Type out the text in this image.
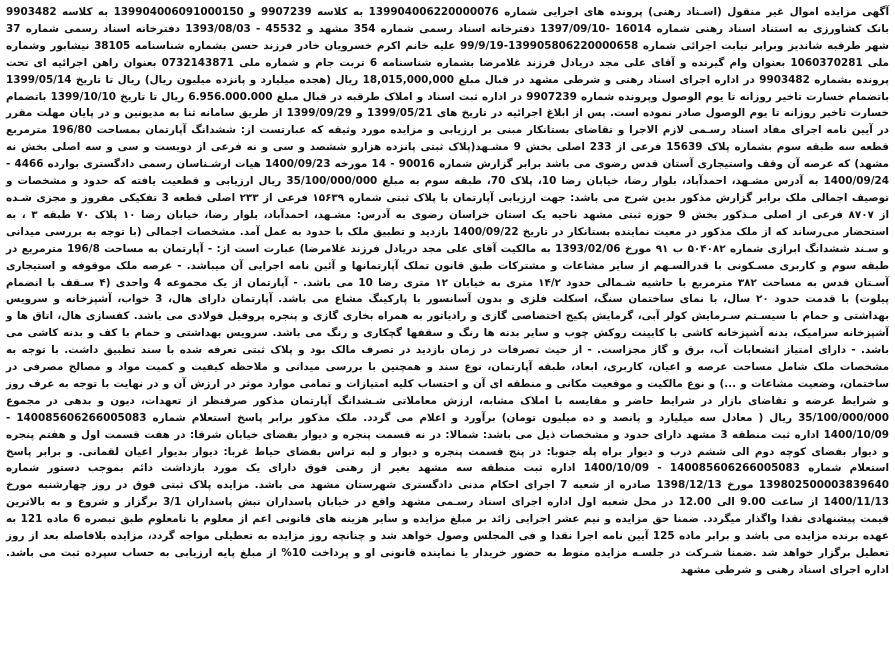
آگهی مزایده اموال غیر منقول (اسـناد رهنی) پرونده های اجرایی شماره 139904006220000076 به کلاسه 9907239 و 139904006091000150 به کلاسه 9903482 بانک کشاورزی به استناد اسناد رهنی شماره 16014 -1397/09/10 دفترخانه اسناد رسمی شماره 354 مشهد و 45532 - 1393/08/03 دفترخانه اسناد رسمی شماره 37 شهر طرقبه شاندیز وبرابر نیابت اجرائی شماره 139905806220000658-99/9/19 علیه خانم اکرم خسرویان خادر فرزند حسن بشماره شناسنامه 38105 نیشابور وشماره ملی 1060370281 بعنوان وام گیرنده و آقای علی مجد دریادل فرزند غلامرضا بشماره شناسنامه 6 تربت جام و شماره ملی 0732143871 بعنوان راهن اجرائیه ای تحت پرونده بشماره 9903482 در اداره اجرای اسناد رهنی و شرطی مشهد در قبال مبلغ 18,015,000,000 ریال (هجده میلیارد و پانزده میلیون ریال) ریال تا تاریخ 1399/05/14 باتضمام خسارت تاخیر روزانه تا یوم الوصول وپرونده شماره 9907239 در اداره ثبت اسناد و املاک طرقبه در قبال مبلغ 6.956.000.000 ریال تا تاریخ 1399/10/10 باتضمام خسارت تاخیر روزانه تا یوم الوصول صادر نموده است. پس از ابلاغ اجرائیه در تاریخ های 1399/05/21 و 1399/09/29 از طریق سامانه ثنا به مدیونین و در پایان مهلت مقرر در آیین نامه اجرای مفاد اسناد رسـمی لازم الاجرا و تقاضای بستانکار مبنی بر ارزیابی و مزایده مورد وثیقه که عبارتست از: ششدانگ آپارتمان بمساحت 196/80 مترمربع قطعه سه طبقه سوم بشماره پلاک 15639 فرعی از 233 اصلی بخش 9 مشـهد(پلاک ثبتی پانزده هزارو ششصد و سی و نه فرعی از دویست و سی و سه اصلی بخش نه مشهد) که عرصه آن وقف واستیجاری آستان قدس رضوی می باشد برابر گزارش شماره 90016 - 14 مورخه 1400/09/23 هیات ارشـناسان رسمی دادگستری بوارده 4466 - 1400/09/24 به آدرس مشـهد، احمدآباد، بلوار رضا، خیابان رضا 10، پلاک 70، طبقه سوم به مبلغ 35/100/000/000 ریال ارزیابی و قطعیت یافته که حدود و مشخصات و توصیف اجمالی ملک برابر گزارش مذکور بدین شرح می باشد: جهت ارزیابی آپارتمان با پلاک ثبتی شماره ۱۵۶۳۹ فرعی از ۲۳۳ اصلی قطعه 3 تفکیکی مفروز و مجزی شـده از ۸۷۰۷ فرعی از اصلی مـذکور بخش 9 حوزه ثبتی مشهد ناحیه یک استان خراسان رضوی به آدرس: مشـهد، احمدآباد، بلوار رضا، خیابان رضا ۱۰ پلاک ۷۰ طبقه ۳ ، به استحضار می‌رساند که از ملک مذکور در معیت نماینده بستانکار در تاریخ 1400/09/22 بازدید و تطبیق ملک با حدود به عمل آمد. مشخصات اجمالی (با توجه به بررسی میدانی و سـند ششدانگ ابرازی شماره ۵۰۴۰۸۲ ب ۹۱ مورخ 1393/02/06 به مالکیت آقای علی مجد دریادل فرزند غلامرضا) عبارت است از: - آپارتمان به مساحت 196/8 مترمربع در طبقه سوم و کاربری مسـکونی با قدرالسـهم از سایر مشاعات و مشترکات طبق قانون تملک آپارتمانها و آئین نامه اجرایی آن میباشد. - عرصه ملک موقوفه و استیجاری آسـتان قدس به مساحت ۳۸۲ مترمربع با حاشیه شـمالی حدود ۱۴/۲ متری به خیابان ۱۲ متری رضا 10 می باشد. - آپارتمان از یک مجموعه 4 واحدی (۴ سـقف با انضمام پیلوت) با قدمت حدود ۲۰ سال، با نمای ساختمان سنگ، اسکلت فلزی و بدون آسانسور با پارکینگ مشاع می باشد. آپارتمان دارای هال، 3 خواب، آشپزخانه و سرویس بهداشتی و حمام با سیسـتم سـرمایش کولر آبی، گرمایش پکیج اختصاصی گازی و رادیاتور به همراه بخاری گازی و پنجره پروفیل فولادی می باشد. کفسازی هال، اتاق ها و آشپزخانه سرامیک، بدنه آشپزخانه کاشی با کابینت روکش چوب و سایر بدنه ها رنگ و سقفها گچکاری و رنگ می باشد. سرویس بهداشتی و حمام با کف و بدنه کاشی می باشد. - دارای امتیاز انشعابات آب، برق و گاز مجزاست. - از حیث تصرفات در زمان بازدید در تصرف مالک بود و پلاک ثبتی تعرفه شده با سند تطبیق داشت. با توجه به مشخصات ملک شامل مساحت عرصه و اعیان، کاربری، ابعاد، طبقه آپارتمان، نوع سند و همچنین با بررسی میدانی و ملاحظه کیفیت و کمیت مواد و مصالح مصرفی در ساختمان، وضعیت مشاعات و ...) و نوع مالکیت و موقعیت مکانی و منطقه ای آن و احتساب کلیه امتیازات و تمامی موارد موثر در ارزش آن و در نهایت با توجه به عرف روز و شرایط عرضه و تقاضای بازار در شرایط حاضر و مقایسه با املاک مشابه، ارزش معاملاتی شـشدانگ آپارتمان مذکور صرفنظر از تعهدات، دیون و بدهی در مجموع 35/100/000/000 ریال ( معادل سه میلیارد و پانصد و ده میلیون تومان) برآورد و اعلام می گردد. ملک مذکور برابر پاسخ استعلام شماره 140085606266005083 - 1400/10/09 اداره ثبت منطقه 3 مشهد دارای حدود و مشخصات ذیل می باشد: شمالا: در نه قسمت پنجره و دیوار بفضای خیابان شرقا: در هفت قسمت اول و هفتم پنجره و دیوار بفضای کوچه دوم الی ششم درب و دیوار براه پله جنوبا: در پنج قسمت پنجره و دیوار و لبه تراس بفضای حیاط غربا: دیوار بدیوار اعیان لقمانی. و برابر پاسخ استعلام شماره 140085606266005083 - 1400/10/09 اداره ثبت منطقه سه مشهد بغیر از رهنی فوق دارای یک مورد بازداشت دائم بموجب دستور شماره 139802500003839640 مورخ 1398/12/13 صادره از شعبه 7 اجرای احکام مدنی دادگستری شهرستان مشهد می باشد. مزایده پلاک ثبتی فوق در روز چهارشنبه مورخ 1400/11/13 از ساعت 9.00 الی 12.00 در محل شعبه اول اداره اجرای اسناد رسـمی مشهد واقع در خیابان پاسداران نبش پاسداران 3/1 برگزار و شروع و به بالاترین قیمت پیشنهادی نقدا واگذار میگردد. ضمنا حق مزایده و نیم عشر اجرایی زائد بر مبلغ مزایده و سایر هزینه های قانونی اعم از معلوم یا نامعلوم طبق تبصره 6 ماده 121 به عهده برنده مزایده می باشد و برابر ماده 125 آیین نامه اجرا نقدا و فی المجلس وصول خواهد شد و چنانچه روز مزایده به تعطیلی مواجه گردد، مزایده بلافاصله بعد از روز تعطیل برگزار خواهد شد .ضمنا شـرکت در جلسـه مزایده منوط به حضور خریدار یا نماینده قانونی او و پرداخت 10% از مبلغ پایه ارزیابی به حساب سپرده ثبت می باشد. اداره اجرای اسناد رهنی و شرطی مشهد
